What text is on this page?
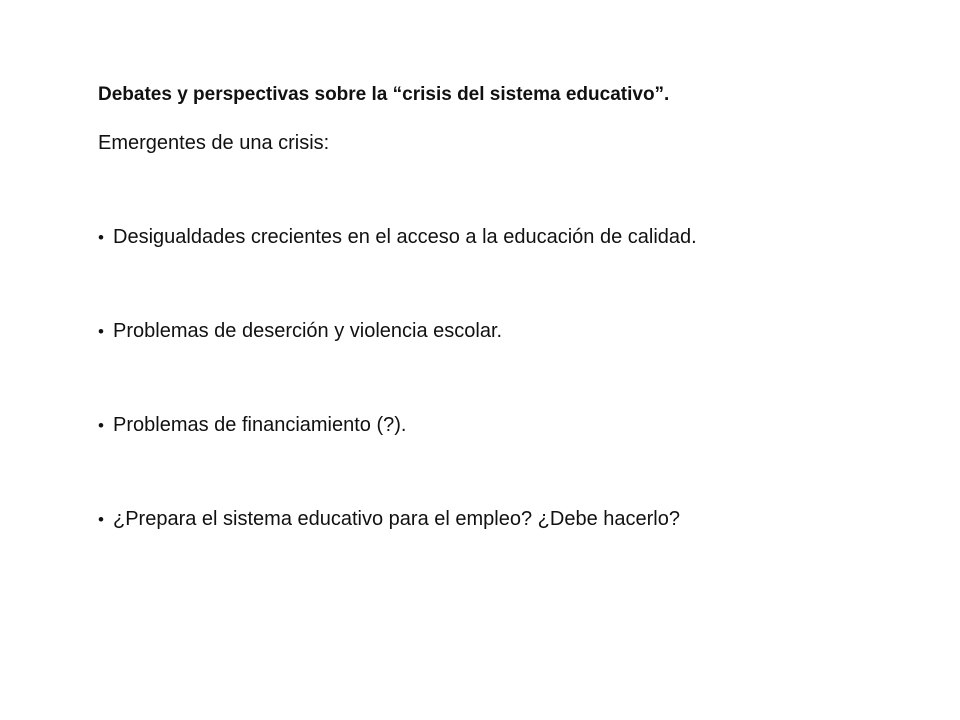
Debates y perspectivas sobre la “crisis del sistema educativo”.
Emergentes de una crisis:
• Desigualdades crecientes en el acceso a la educación de calidad.
• Problemas de deserción y violencia escolar.
• Problemas de financiamiento (?).
• ¿Prepara el sistema educativo para el empleo? ¿Debe hacerlo?
